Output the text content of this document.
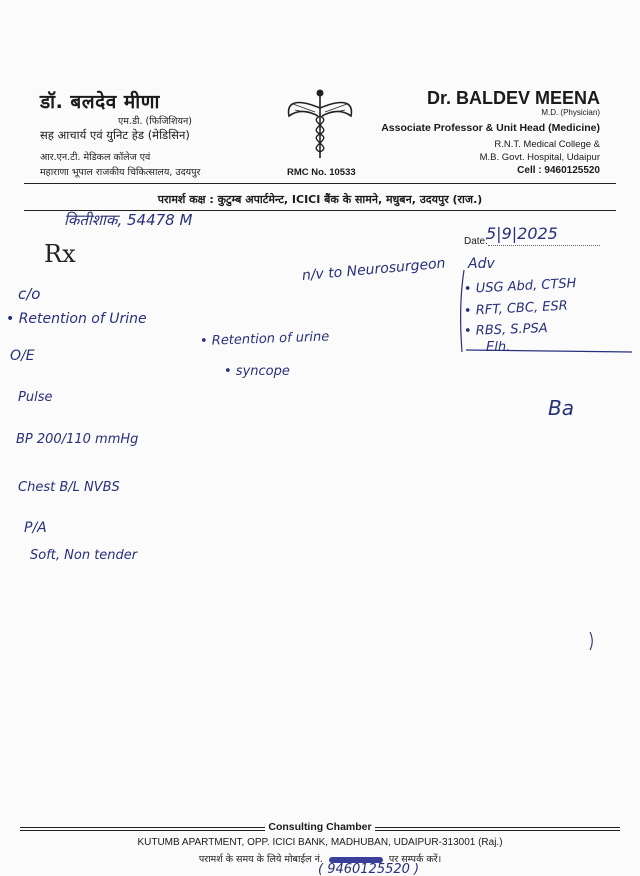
डॉ. बलदेव मीणा
एम.डी. (फिजिशियन)
सह आचार्य एवं युनिट हेड (मेडिसिन)
आर.एन.टी. मेडिकल कॉलेज एवं
महाराणा भूपाल राजकीय चिकित्सालय, उदयपुर
Dr. BALDEV MEENA
M.D. (Physician)
Associate Professor & Unit Head (Medicine)
R.N.T. Medical College &
M.B. Govt. Hospital, Udaipur
Cell : 9460125520
RMC No. 10533
परामर्श कक्ष : कुटुम्ब अपार्टमेन्ट, ICICI बैंक के सामने, मधुबन, उदयपुर (राज.)
Date:
कितीशाक, 54478 M
5|9|2025
Rx
c/o
• Retention of Urine
• Retention of urine
• syncope
n/v to Neurosurgeon
O/E
Pulse
BP 200/110 mmHg
Chest B/L NVBS
P/A
Soft, Non tender
Adv
• USG Abd, CTSH
• RFT, CBC, ESR
• RBS, S.PSA
Elh.
Ba
Consulting Chamber
KUTUMB APARTMENT, OPP. ICICI BANK, MADHUBAN, UDAIPUR-313001 (Raj.)
परामर्श के समय के लिये मोबाईल नं.	पर सम्पर्क करें।
( 9460125520 )
